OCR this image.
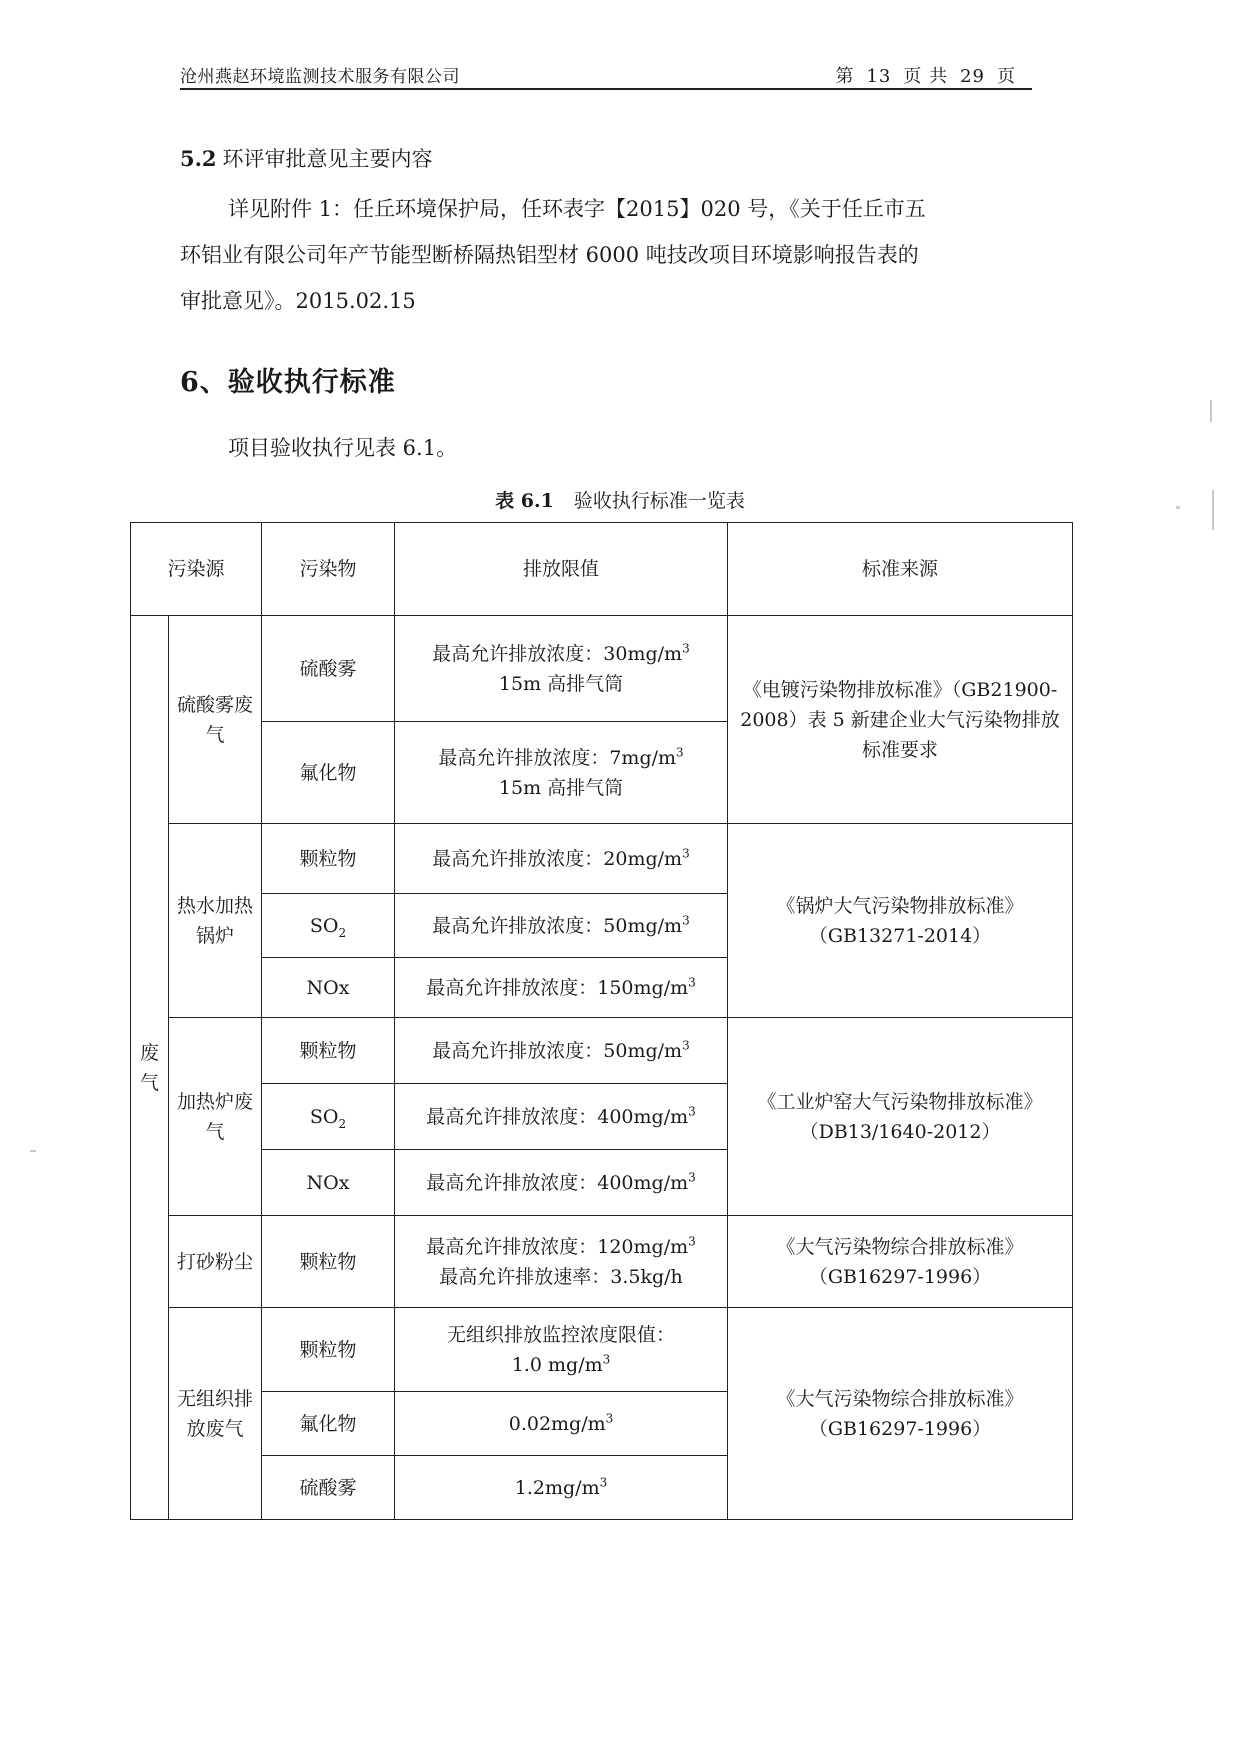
沧州燕赵环境监测技术服务有限公司	第 13 页 共 29 页
5.2 环评审批意见主要内容
详见附件 1：任丘环境保护局，任环表字【2015】020 号，《关于任丘市五
环铝业有限公司年产节能型断桥隔热铝型材 6000 吨技改项目环境影响报告表的
审批意见》。2015.02.15
6、验收执行标准
项目验收执行见表 6.1。
表 6.1 验收执行标准一览表
污染源		污染物	排放限值	标准来源
废气	硫酸雾废气	硫酸雾	最高允许排放浓度：$30mg/m^3$
15m 高排气筒	《电镀污染物排放标准》（GB21900-2008）表 5 新建企业大气污染物排放标准要求
		氟化物	最高允许排放浓度：$7mg/m^3$
15m 高排气筒	

	热水加热锅炉	颗粒物	最高允许排放浓度：$20mg/m^3$	《锅炉大气污染物排放标准》（GB13271-2014）
		$SO_2$	最高允许排放浓度：$50mg/m^3$
		NOx	最高允许排放浓度：$150mg/m^3$
	加热炉废气	颗粒物	最高允许排放浓度：$50mg/m^3$	《工业炉窑大气污染物排放标准》（DB13/1640-2012）
		$SO_2$	最高允许排放浓度：$400mg/m^3$
		NOx	最高允许排放浓度：$400mg/m^3$
	打砂粉尘	颗粒物	最高允许排放浓度：$120mg/m^3$
最高允许排放速率：3.5kg/h	《大气污染物综合排放标准》（GB16297-1996）
	无组织排放废气	颗粒物	无组织排放监控浓度限值：
1.0 $mg/m^3$	《大气污染物综合排放标准》（GB16297-1996）
		氟化物	$0.02mg/m^3$
		硫酸雾	$1.2mg/m^3$
